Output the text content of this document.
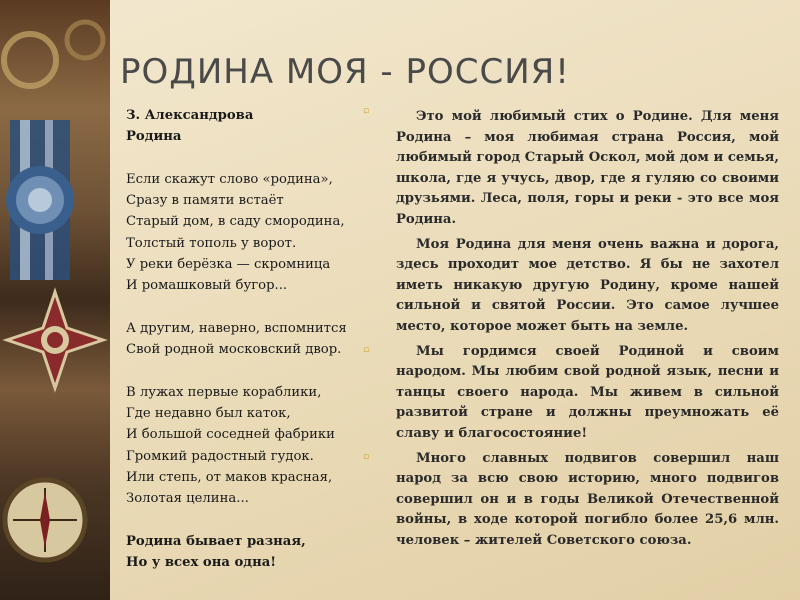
РОДИНА МОЯ - РОССИЯ!
З. Александрова
Родина
Если скажут слово «родина»,
Сразу в памяти встаёт
Старый дом, в саду смородина,
Толстый тополь у ворот.
У реки берёзка — скромница
И ромашковый бугор...
А другим, наверно, вспомнится
Свой родной московский двор.
В лужах первые кораблики,
Где недавно был каток,
И большой соседней фабрики
Громкий радостный гудок.
Или степь, от маков красная,
Золотая целина...
Родина бывает разная,
Но у всех она одна!
▫
▫
▫

Это мой любимый стих о Родине. Для меня Родина – моя любимая страна Россия, мой любимый город Старый Оскол, мой дом и семья, школа, где я учусь, двор, где я гуляю со своими друзьями. Леса, поля, горы и реки - это все моя Родина.

Моя Родина для меня очень важна и дорога, здесь проходит мое детство. Я бы не захотел иметь никакую другую Родину, кроме нашей сильной и святой России. Это самое лучшее место, которое может быть на земле.

Мы гордимся своей Родиной и своим народом. Мы любим свой родной язык, песни и танцы своего народа. Мы живем в сильной развитой стране и должны преумножать её славу и благосостояние!

Много славных подвигов совершил наш народ за всю свою историю, много подвигов совершил он и в годы Великой Отечественной войны, в ходе которой погибло более 25,6 млн. человек – жителей Советского союза.
